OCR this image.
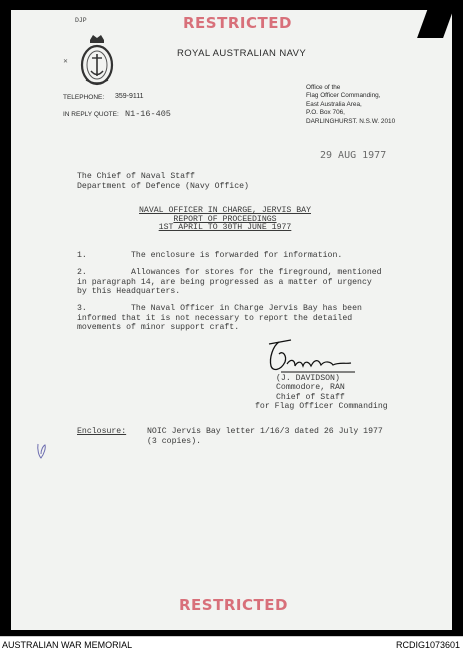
DJP	RESTRICTED
✕
ROYAL AUSTRALIAN NAVY
TELEPHONE: 359-9111
IN REPLY QUOTE: N1-16-405
Office of the
Flag Officer Commanding,
East Australia Area,
P.O. Box 706,
DARLINGHURST. N.S.W. 2010
29 AUG 1977
The Chief of Naval Staff
Department of Defence (Navy Office)
NAVAL OFFICER IN CHARGE, JERVIS BAY
REPORT OF PROCEEDINGS
1ST APRIL TO 30TH JUNE 1977
1.	The enclosure is forwarded for information.
2.	Allowances for stores for the fireground, mentioned
in paragraph 14, are being progressed as a matter of urgency
by this Headquarters.
3.	The Naval Officer in Charge Jervis Bay has been
informed that it is not necessary to report the detailed
movements of minor support craft.
(J. DAVIDSON)
Commodore, RAN
Chief of Staff
for Flag Officer Commanding
Enclosure:	NOIC Jervis Bay letter 1/16/3 dated 26 July 1977
(3 copies).
RESTRICTED
AUSTRALIAN WAR MEMORIAL	RCDIG1073601
